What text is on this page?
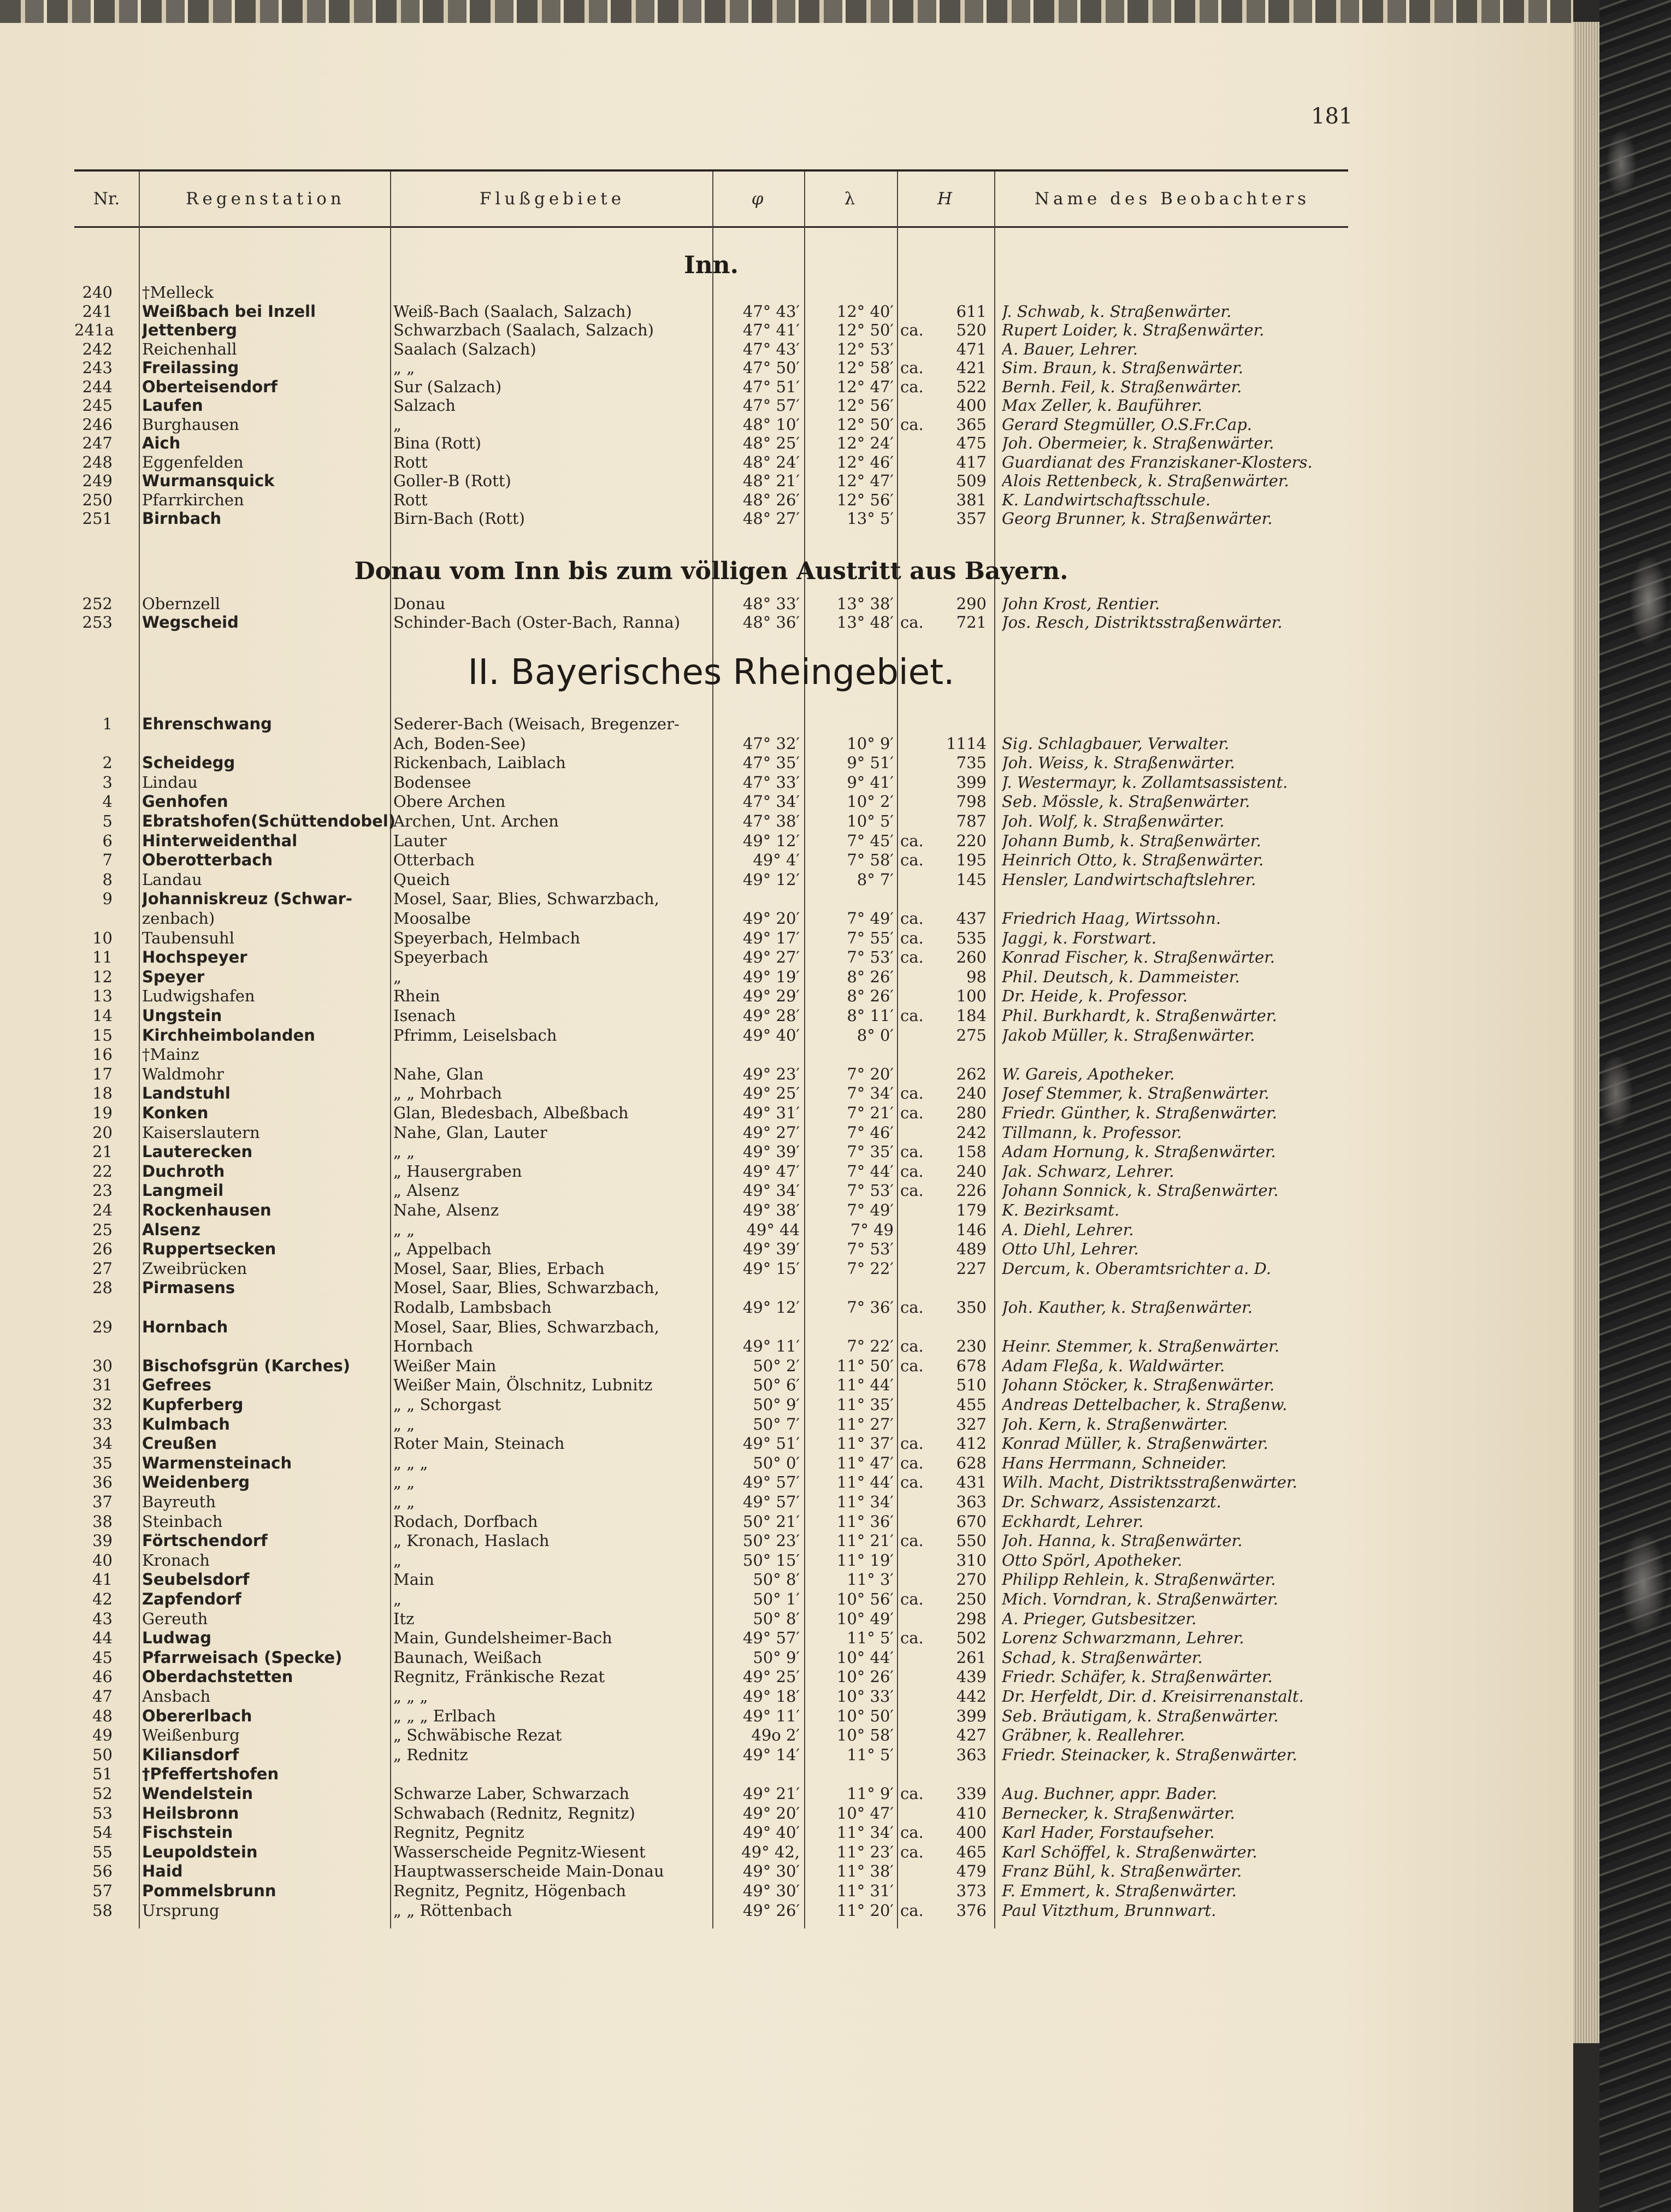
181
Nr.	Regenstation	Flußgebiete	φ	λ	H	Name des Beobachters
Inn.
Donau vom Inn bis zum völligen Austritt aus Bayern.
II. Bayerisches Rheingebiet.
240 †Melleck
241 Weißbach bei Inzell	Weiß-Bach (Saalach, Salzach)	47° 43′	12° 40′	611 J. Schwab, k. Straßenwärter.
241a Jettenberg	Schwarzbach (Saalach, Salzach)	47° 41′	12° 50′ ca.	520 Rupert Loider, k. Straßenwärter.
242 Reichenhall	Saalach (Salzach)	47° 43′	12° 53′	471 A. Bauer, Lehrer.
243 Freilassing	„ „	47° 50′	12° 58′ ca.	421 Sim. Braun, k. Straßenwärter.
244 Oberteisendorf	Sur (Salzach)	47° 51′	12° 47′ ca.	522 Bernh. Feil, k. Straßenwärter.
245 Laufen	Salzach	47° 57′	12° 56′	400 Max Zeller, k. Bauführer.
246 Burghausen	„	48° 10′	12° 50′ ca.	365 Gerard Stegmüller, O.S.Fr.Cap.
247 Aich	Bina (Rott)	48° 25′	12° 24′	475 Joh. Obermeier, k. Straßenwärter.
248 Eggenfelden	Rott	48° 24′	12° 46′	417 Guardianat des Franziskaner-Klosters.
249 Wurmansquick	Goller-B (Rott)	48° 21′	12° 47′	509 Alois Rettenbeck, k. Straßenwärter.
250 Pfarrkirchen	Rott	48° 26′	12° 56′	381 K. Landwirtschaftsschule.
251 Birnbach	Birn-Bach (Rott)	48° 27′	13° 5′	357 Georg Brunner, k. Straßenwärter.
252 Obernzell	Donau	48° 33′	13° 38′	290 John Krost, Rentier.
253 Wegscheid	Schinder-Bach (Oster-Bach, Ranna)	48° 36′	13° 48′ ca.	721 Jos. Resch, Distriktsstraßenwärter.
1 Ehrenschwang	Sederer-Bach (Weisach, Bregenzer-
Ach, Boden-See)	47° 32′	10° 9′	1114 Sig. Schlagbauer, Verwalter.
2 Scheidegg	Rickenbach, Laiblach	47° 35′	9° 51′	735 Joh. Weiss, k. Straßenwärter.
3 Lindau	Bodensee	47° 33′	9° 41′	399 J. Westermayr, k. Zollamtsassistent.
4 Genhofen	Obere Archen	47° 34′	10° 2′	798 Seb. Mössle, k. Straßenwärter.
5 Ebratshofen(Schüttendobel)
Archen, Unt. Archen	47° 38′	10° 5′	787 Joh. Wolf, k. Straßenwärter.
6 Hinterweidenthal	Lauter	49° 12′	7° 45′ ca.	220 Johann Bumb, k. Straßenwärter.
7 Oberotterbach	Otterbach	49° 4′	7° 58′ ca.	195 Heinrich Otto, k. Straßenwärter.
8 Landau	Queich	49° 12′	8° 7′	145 Hensler, Landwirtschaftslehrer.
9 Johanniskreuz (Schwar-	Mosel, Saar, Blies, Schwarzbach,
zenbach)	Moosalbe	49° 20′	7° 49′ ca.	437 Friedrich Haag, Wirtssohn.
10 Taubensuhl	Speyerbach, Helmbach	49° 17′	7° 55′ ca.	535 Jaggi, k. Forstwart.
11 Hochspeyer	Speyerbach	49° 27′	7° 53′ ca.	260 Konrad Fischer, k. Straßenwärter.
12 Speyer	„	49° 19′	8° 26′	98 Phil. Deutsch, k. Dammeister.
13 Ludwigshafen	Rhein	49° 29′	8° 26′	100 Dr. Heide, k. Professor.
14 Ungstein	Isenach	49° 28′	8° 11′ ca.	184 Phil. Burkhardt, k. Straßenwärter.
15 Kirchheimbolanden	Pfrimm, Leiselsbach	49° 40′	8° 0′	275 Jakob Müller, k. Straßenwärter.
16 †Mainz
17 Waldmohr	Nahe, Glan	49° 23′	7° 20′	262 W. Gareis, Apotheker.
18 Landstuhl	„ „ Mohrbach	49° 25′	7° 34′ ca.	240 Josef Stemmer, k. Straßenwärter.
19 Konken	Glan, Bledesbach, Albeßbach	49° 31′	7° 21′ ca.	280 Friedr. Günther, k. Straßenwärter.
20 Kaiserslautern	Nahe, Glan, Lauter	49° 27′	7° 46′	242 Tillmann, k. Professor.
21 Lauterecken	„ „	49° 39′	7° 35′ ca.	158 Adam Hornung, k. Straßenwärter.
22 Duchroth	„ Hausergraben	49° 47′	7° 44′ ca.	240 Jak. Schwarz, Lehrer.
23 Langmeil	„ Alsenz	49° 34′	7° 53′ ca.	226 Johann Sonnick, k. Straßenwärter.
24 Rockenhausen	Nahe, Alsenz	49° 38′	7° 49′	179 K. Bezirksamt.
25 Alsenz	„ „	49° 44	7° 49	146 A. Diehl, Lehrer.
26 Ruppertsecken	„ Appelbach	49° 39′	7° 53′	489 Otto Uhl, Lehrer.
27 Zweibrücken	Mosel, Saar, Blies, Erbach	49° 15′	7° 22′	227 Dercum, k. Oberamtsrichter a. D.
28 Pirmasens	Mosel, Saar, Blies, Schwarzbach,
Rodalb, Lambsbach	49° 12′	7° 36′ ca.	350 Joh. Kauther, k. Straßenwärter.
29 Hornbach	Mosel, Saar, Blies, Schwarzbach,
Hornbach	49° 11′	7° 22′ ca.	230 Heinr. Stemmer, k. Straßenwärter.
30 Bischofsgrün (Karches)	Weißer Main	50° 2′	11° 50′ ca.	678 Adam Fleßa, k. Waldwärter.
31 Gefrees	Weißer Main, Ölschnitz, Lubnitz	50° 6′	11° 44′	510 Johann Stöcker, k. Straßenwärter.
32 Kupferberg	„ „ Schorgast	50° 9′	11° 35′	455 Andreas Dettelbacher, k. Straßenw.
33 Kulmbach	„ „	50° 7′	11° 27′	327 Joh. Kern, k. Straßenwärter.
34 Creußen	Roter Main, Steinach	49° 51′	11° 37′ ca.	412 Konrad Müller, k. Straßenwärter.
35 Warmensteinach	„ „ „	50° 0′	11° 47′ ca.	628 Hans Herrmann, Schneider.
36 Weidenberg	„ „	49° 57′	11° 44′ ca.	431 Wilh. Macht, Distriktsstraßenwärter.
37 Bayreuth	„ „	49° 57′	11° 34′	363 Dr. Schwarz, Assistenzarzt.
38 Steinbach	Rodach, Dorfbach	50° 21′	11° 36′	670 Eckhardt, Lehrer.
39 Förtschendorf	„ Kronach, Haslach	50° 23′	11° 21′ ca.	550 Joh. Hanna, k. Straßenwärter.
40 Kronach	„	50° 15′	11° 19′	310 Otto Spörl, Apotheker.
41 Seubelsdorf	Main	50° 8′	11° 3′	270 Philipp Rehlein, k. Straßenwärter.
42 Zapfendorf	„	50° 1′	10° 56′ ca.	250 Mich. Vorndran, k. Straßenwärter.
43 Gereuth	Itz	50° 8′	10° 49′	298 A. Prieger, Gutsbesitzer.
44 Ludwag	Main, Gundelsheimer-Bach	49° 57′	11° 5′ ca.	502 Lorenz Schwarzmann, Lehrer.
45 Pfarrweisach (Specke)	Baunach, Weißach	50° 9′	10° 44′	261 Schad, k. Straßenwärter.
46 Oberdachstetten	Regnitz, Fränkische Rezat	49° 25′	10° 26′	439 Friedr. Schäfer, k. Straßenwärter.
47 Ansbach	„ „ „	49° 18′	10° 33′	442 Dr. Herfeldt, Dir. d. Kreisirrenanstalt.
48 Obererlbach	„ „ „ Erlbach	49° 11′	10° 50′	399 Seb. Bräutigam, k. Straßenwärter.
49 Weißenburg	„ Schwäbische Rezat	49o 2′	10° 58′	427 Gräbner, k. Reallehrer.
50 Kiliansdorf	„ Rednitz	49° 14′	11° 5′	363 Friedr. Steinacker, k. Straßenwärter.
51 †Pfeffertshofen
52 Wendelstein	Schwarze Laber, Schwarzach	49° 21′	11° 9′ ca.	339 Aug. Buchner, appr. Bader.
53 Heilsbronn	Schwabach (Rednitz, Regnitz)	49° 20′	10° 47′	410 Bernecker, k. Straßenwärter.
54 Fischstein	Regnitz, Pegnitz	49° 40′	11° 34′ ca.	400 Karl Hader, Forstaufseher.
55 Leupoldstein	Wasserscheide Pegnitz-Wiesent	49° 42,	11° 23′ ca.	465 Karl Schöffel, k. Straßenwärter.
56 Haid	Hauptwasserscheide Main-Donau	49° 30′	11° 38′	479 Franz Bühl, k. Straßenwärter.
57 Pommelsbrunn	Regnitz, Pegnitz, Högenbach	49° 30′	11° 31′	373 F. Emmert, k. Straßenwärter.
58 Ursprung	„ „ Röttenbach	49° 26′	11° 20′ ca.	376 Paul Vitzthum, Brunnwart.
